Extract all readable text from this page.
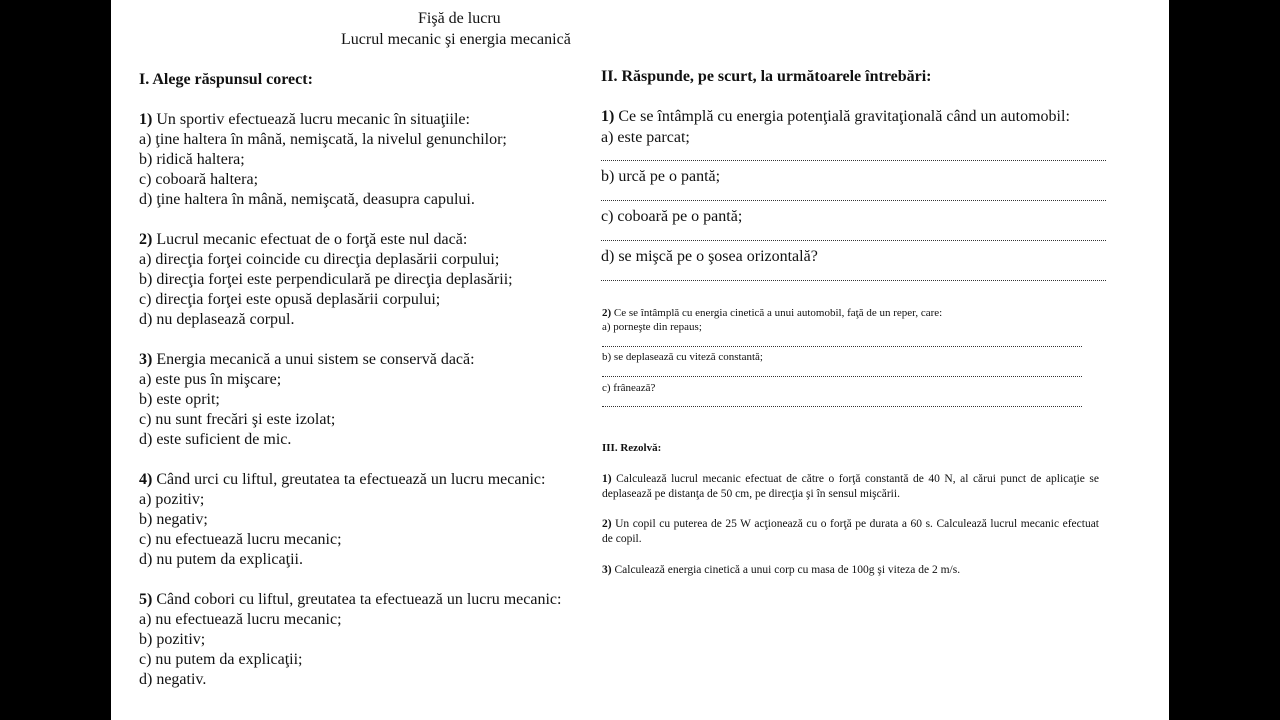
Fişă de lucru
Lucrul mecanic şi energia mecanică
I. Alege răspunsul corect:
1) Un sportiv efectuează lucru mecanic în situaţiile:
a) ţine haltera în mână, nemişcată, la nivelul genunchilor;
b) ridică haltera;
c) coboară haltera;
d) ţine haltera în mână, nemişcată, deasupra capului.
2) Lucrul mecanic efectuat de o forţă este nul dacă:
a) direcţia forţei coincide cu direcţia deplasării corpului;
b) direcţia forţei este perpendiculară pe direcţia deplasării;
c) direcţia forţei este opusă deplasării corpului;
d) nu deplasează corpul.
3) Energia mecanică a unui sistem se conservă dacă:
a) este pus în mişcare;
b) este oprit;
c) nu sunt frecări şi este izolat;
d) este suficient de mic.
4) Când urci cu liftul, greutatea ta efectuează un lucru mecanic:
a) pozitiv;
b) negativ;
c) nu efectuează lucru mecanic;
d) nu putem da explicaţii.
5) Când cobori cu liftul, greutatea ta efectuează un lucru mecanic:
a) nu efectuează lucru mecanic;
b) pozitiv;
c) nu putem da explicaţii;
d) negativ.
II. Răspunde, pe scurt, la următoarele întrebări:
1) Ce se întâmplă cu energia potenţială gravitaţională când un automobil:
a) este parcat;
b) urcă pe o pantă;
c) coboară pe o pantă;
d) se mişcă pe o şosea orizontală?
2) Ce se întâmplă cu energia cinetică a unui automobil, faţă de un reper, care:
a) porneşte din repaus;
b) se deplasează cu viteză constantă;
c) frânează?
III. Rezolvă:
1) Calculează lucrul mecanic efectuat de către o forţă constantă de 40 N, al cărui punct de aplicaţie se deplasează pe distanţa de 50 cm, pe direcţia şi în sensul mişcării.
2) Un copil cu puterea de 25 W acţionează cu o forţă pe durata a 60 s. Calculează lucrul mecanic efectuat de copil.
3) Calculează energia cinetică a unui corp cu masa de 100g şi viteza de 2 m/s.
